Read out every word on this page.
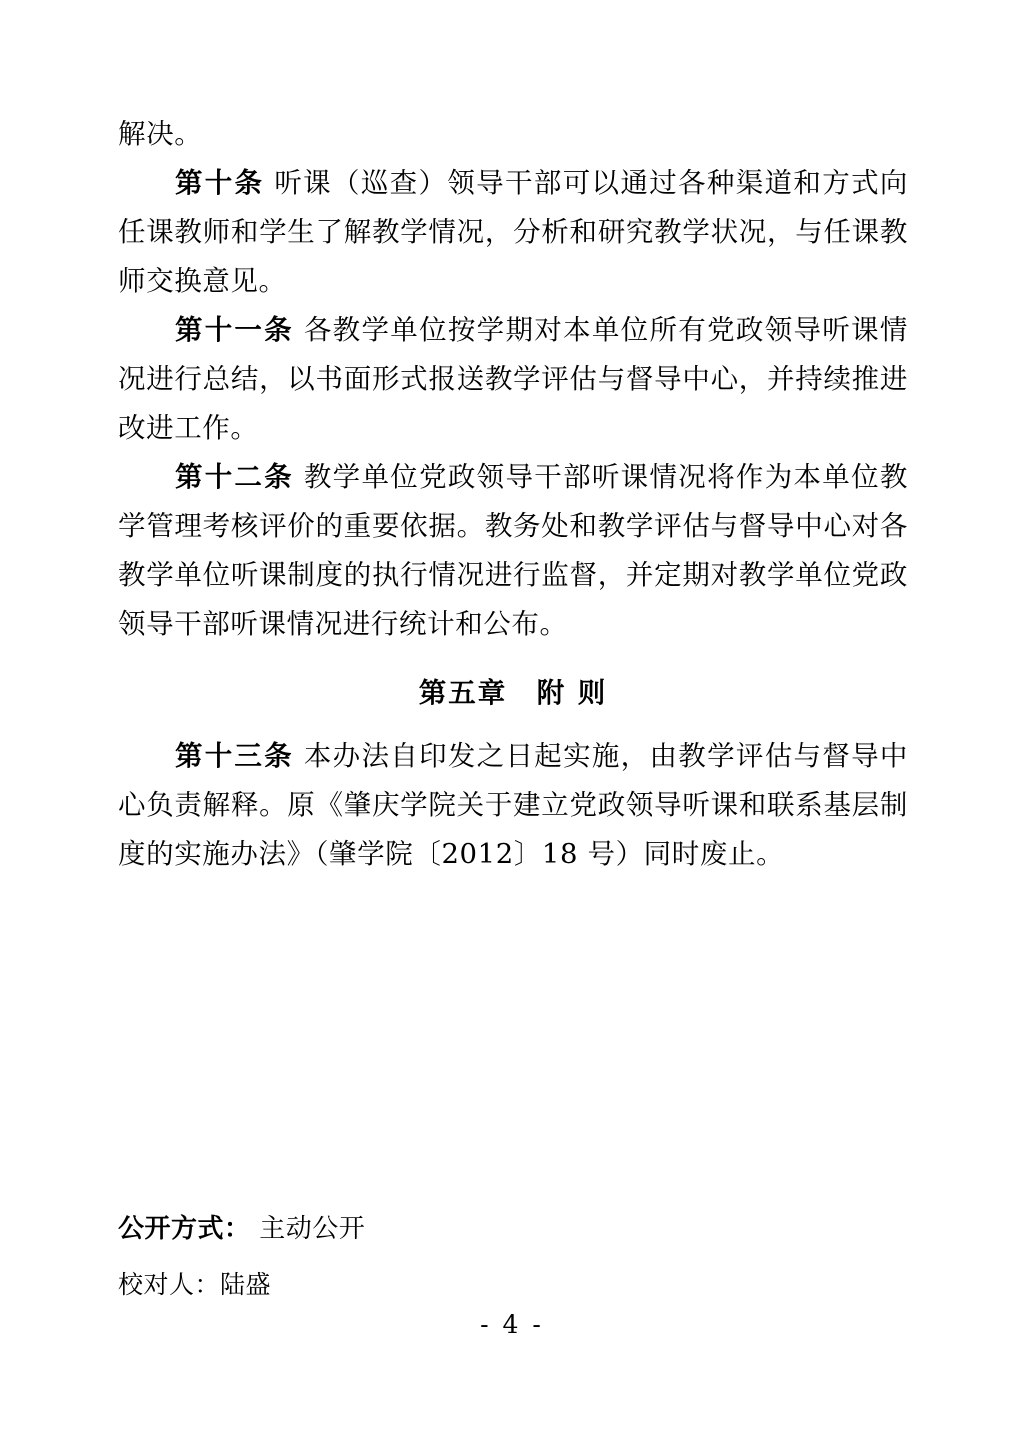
解决。

第十条 听课（巡查）领导干部可以通过各种渠道和方式向任课教师和学生了解教学情况，分析和研究教学状况，与任课教师交换意见。

第十一条 各教学单位按学期对本单位所有党政领导听课情况进行总结，以书面形式报送教学评估与督导中心，并持续推进改进工作。

第十二条 教学单位党政领导干部听课情况将作为本单位教学管理考核评价的重要依据。教务处和教学评估与督导中心对各教学单位听课制度的执行情况进行监督，并定期对教学单位党政领导干部听课情况进行统计和公布。

第五章　附 则

第十三条 本办法自印发之日起实施，由教学评估与督导中心负责解释。原《肇庆学院关于建立党政领导听课和联系基层制度的实施办法》（肇学院〔2012〕18 号）同时废止。

公开方式： 主动公开

校对人：陆盛

- 4 -
